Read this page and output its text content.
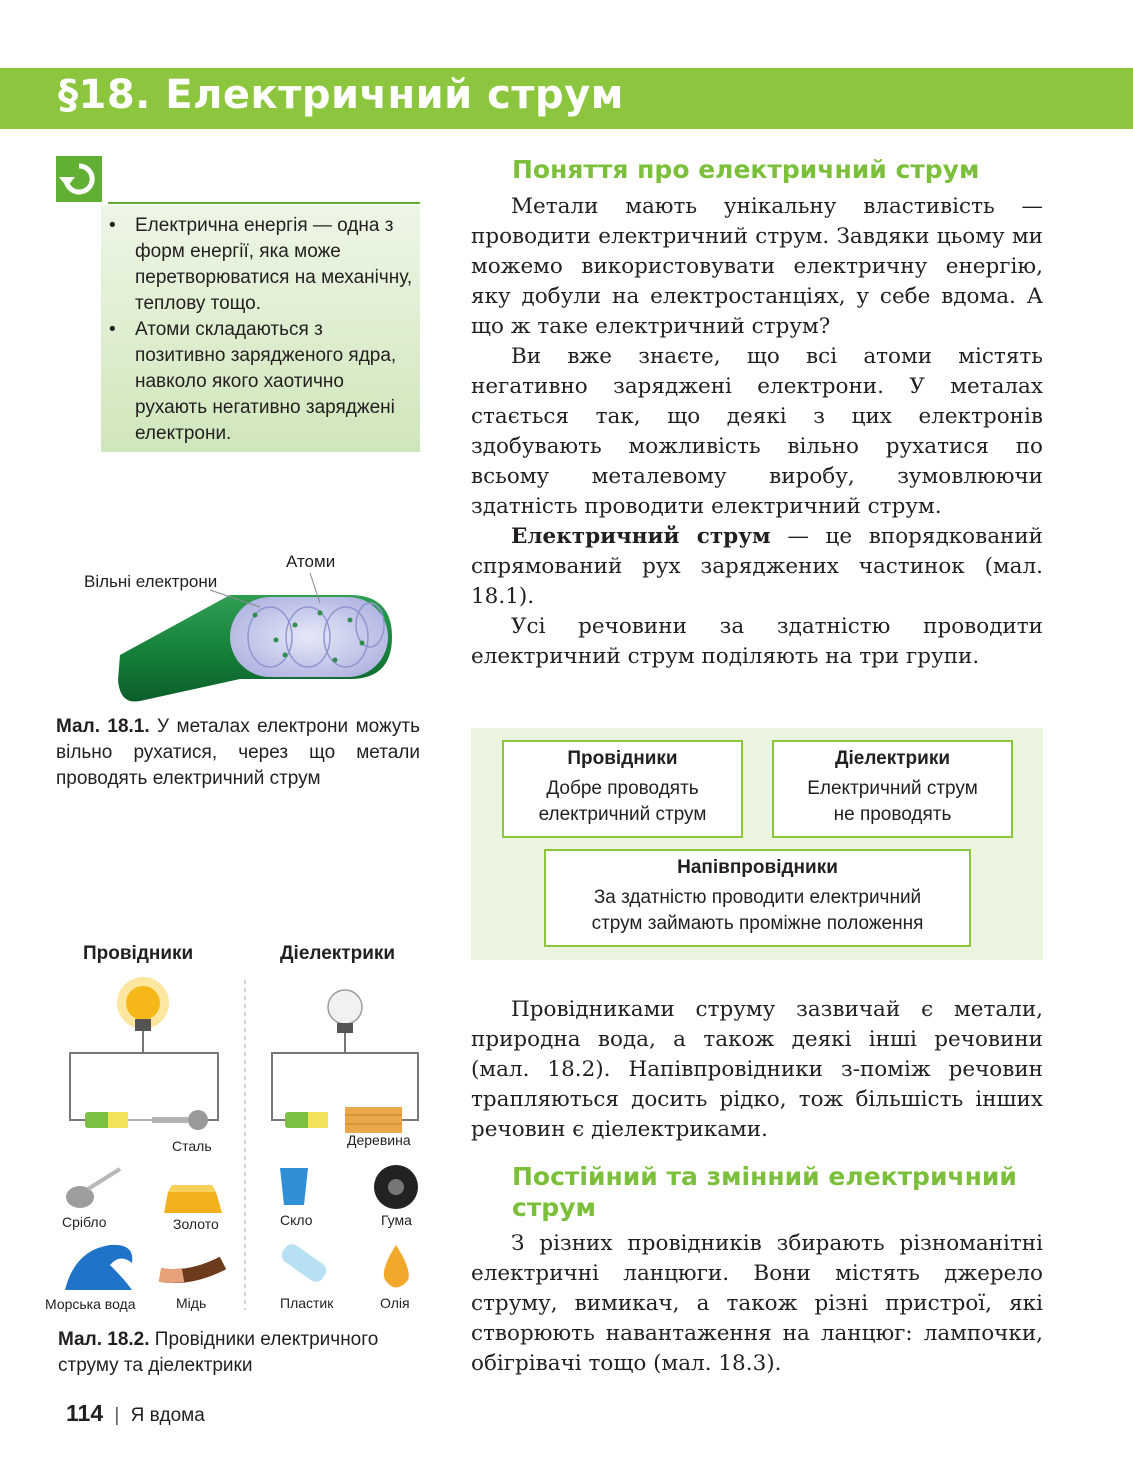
§18. Електричний струм
• Електрична енергія — одна з форм енергії, яка може перетворюватися на механічну, теплову тощо.
• Атоми складаються з позитивно зарядженого ядра, навколо якого хаотично рухають негативно заряджені електрони.
Вільні електрони
Атоми
Мал. 18.1. У металах електрони можуть вільно рухатися, через що метали проводять електричний струм
Провідники	Діелектрики
Сталь	Деревина
Срібло	Золото	Скло	Гума
Морська вода	Мідь	Пластик	Олія
Мал. 18.2. Провідники електричного струму та діелектрики
Поняття про електричний струм

Метали мають унікальну властивість — проводити електричний струм. Завдяки цьому ми можемо використовувати електричну енергію, яку добули на електростанціях, у себе вдома. А що ж таке електричний струм?

Ви вже знаєте, що всі атоми містять негативно заряджені електрони. У металах стається так, що деякі з цих електронів здобувають можливість вільно рухатися по всьому металевому виробу, зумовлюючи здатність проводити електричний струм.

Електричний струм — це впорядкований спрямований рух заряджених частинок (мал. 18.1).

Усі речовини за здатністю проводити електричний струм поділяють на три групи.

Провідники
Добре проводять електричний струм
Діелектрики
Електричний струм не проводять
Напівпровідники
За здатністю проводити електричний струм займають проміжне положення

Провідниками струму зазвичай є метали, природна вода, а також деякі інші речовини (мал. 18.2). Напівпровідники з-поміж речовин трапляються досить рідко, тож більшість інших речовин є діелектриками.

Постійний та змінний електричний струм

З різних провідників збирають різноманітні електричні ланцюги. Вони містять джерело струму, вимикач, а також різні пристрої, які створюють навантаження на ланцюг: лампочки, обігрівачі тощо (мал. 18.3).

114 | Я вдома
